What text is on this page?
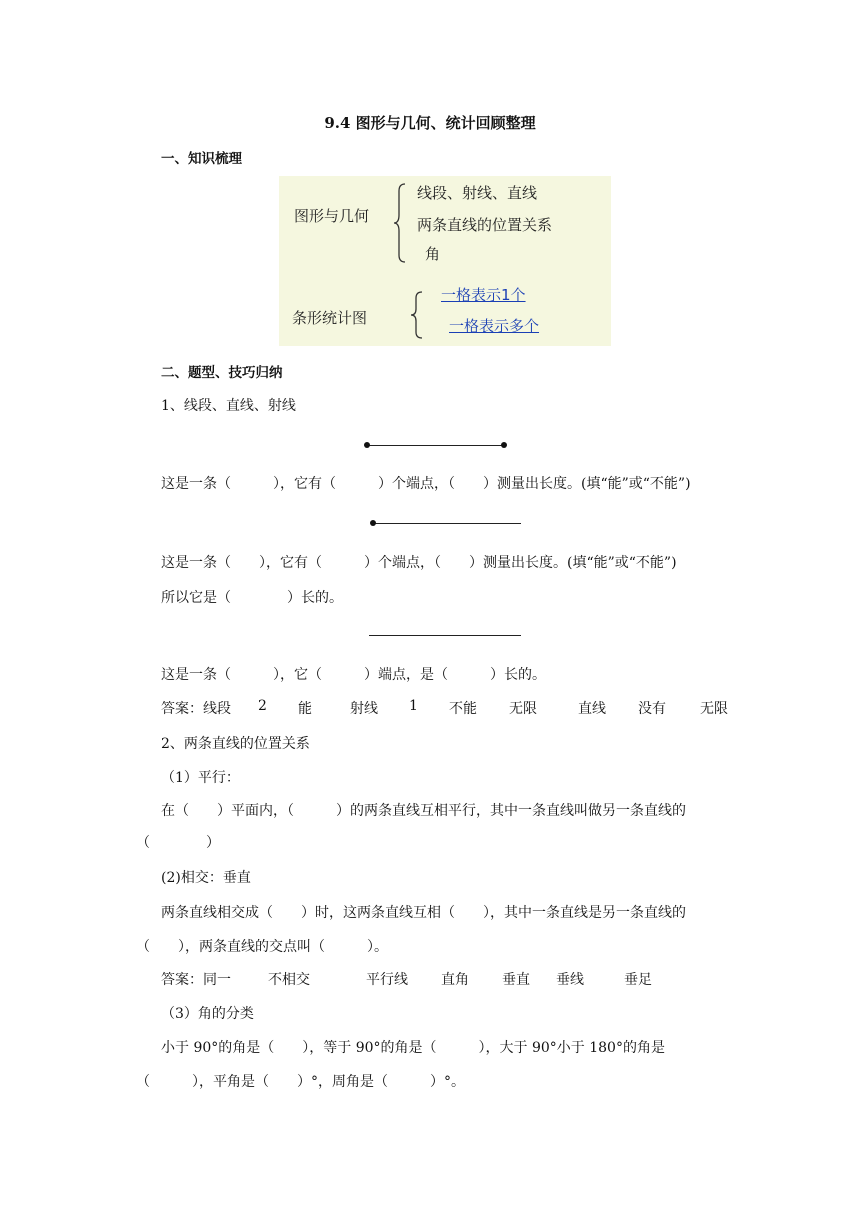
9.4 图形与几何、统计回顾整理
一、知识梳理
图形与几何
线段、射线、直线
两条直线的位置关系
角
条形统计图
一格表示1个
一格表示多个
二、题型、技巧归纳
1、线段、直线、射线
这是一条（　　　），它有（　　　）个端点，（　　）测量出长度。(填“能”或“不能”)
这是一条（　　），它有（　　　）个端点，（　　）测量出长度。(填“能”或“不能”)
所以它是（　　　　）长的。
这是一条（　　　），它（　　　）端点，是（　　　）长的。
答案：线段 2 能	射线 1 不能 无限	直线 没有 无限
2、两条直线的位置关系
（1）平行：
在（　　）平面内，（　　　）的两条直线互相平行，其中一条直线叫做另一条直线的
（　　　　）
(2)相交：垂直
两条直线相交成（　　）时，这两条直线互相（　　），其中一条直线是另一条直线的
（　　），两条直线的交点叫（　　　）。
答案：同一	不相交	平行线 直角 垂直 垂线	垂足
（3）角的分类
小于 90°的角是（　　），等于 90°的角是（　　　），大于 90°小于 180°的角是
（　　　），平角是（　　）°，周角是（　　　）°。
